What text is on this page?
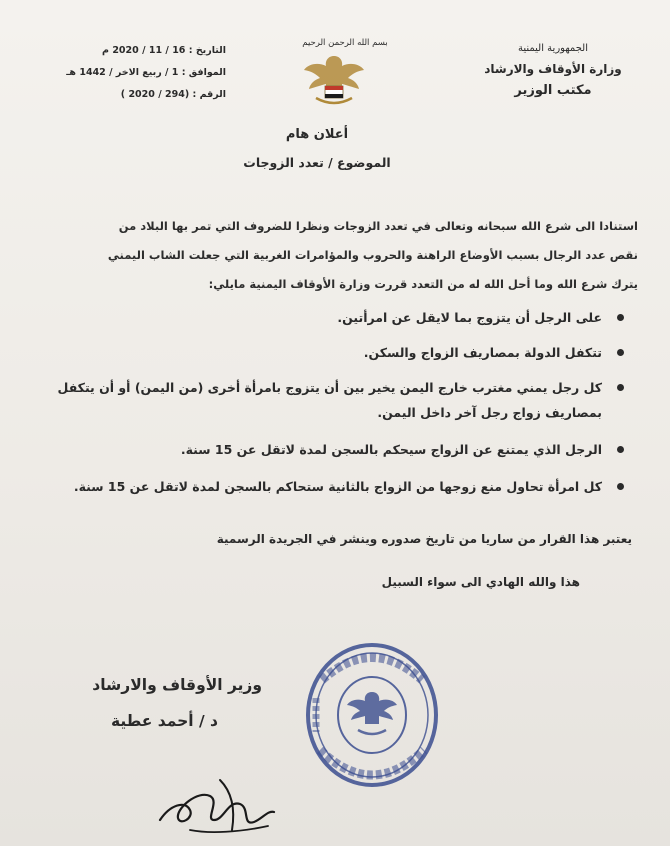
الجمهورية اليمنية
وزارة الأوقاف والارشاد
مكتب الوزير
بسم الله الرحمن الرحيم
التاريخ : 16 / 11 / 2020 م
الموافق : 1 / ربيع الاخر / 1442 هـ
الرقم : (294 / 2020 )
أعلان هام
الموضوع / تعدد الزوجات
استنادا الى شرع الله سبحانه وتعالى في تعدد الزوجات ونظرا للضروف التي تمر بها البلاد من
نقص عدد الرجال بسبب الأوضاع الراهنة والحروب والمؤامرات الغربية التي جعلت الشاب اليمني
يترك شرع الله وما أحل الله له من التعدد قررت وزارة الأوقاف اليمنية مايلي:
على الرجل أن يتزوج بما لايقل عن امرأتين.
تتكفل الدولة بمصاريف الزواج والسكن.
كل رجل يمني مغترب خارج اليمن يخير بين أن يتزوج بامرأة أخرى (من اليمن) أو أن يتكفل بمصاريف زواج رجل آخر داخل اليمن.
الرجل الذي يمتنع عن الزواج سيحكم بالسجن لمدة لاتقل عن 15 سنة.
كل امرأة تحاول منع زوجها من الزواج بالثانية ستحاكم بالسجن لمدة لاتقل عن 15 سنة.
يعتبر هذا القرار من ساريا من تاريخ صدوره وينشر في الجريدة الرسمية
هذا والله الهادي الى سواء السبيل
وزير الأوقاف والارشاد
د / أحمد عطية
